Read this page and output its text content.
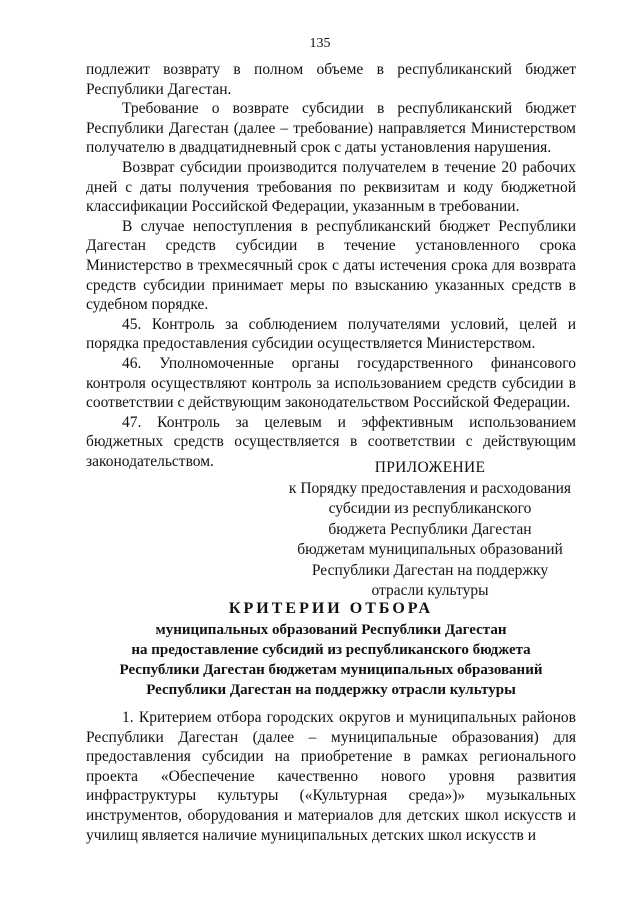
135

подлежит возврату в полном объеме в республиканский бюджет Республики Дагестан.

Требование о возврате субсидии в республиканский бюджет Республики Дагестан (далее – требование) направляется Министерством получателю в двадцатидневный срок с даты установления нарушения.

Возврат субсидии производится получателем в течение 20 рабочих дней с даты получения требования по реквизитам и коду бюджетной классификации Российской Федерации, указанным в требовании.

В случае непоступления в республиканский бюджет Республики Дагестан средств субсидии в течение установленного срока Министерство в трехмесячный срок с даты истечения срока для возврата средств субсидии принимает меры по взысканию указанных средств в судебном порядке.

45. Контроль за соблюдением получателями условий, целей и порядка предоставления субсидии осуществляется Министерством.

46. Уполномоченные органы государственного финансового контроля осуществляют контроль за использованием средств субсидии в соответствии с действующим законодательством Российской Федерации.

47. Контроль за целевым и эффективным использованием бюджетных средств осуществляется в соответствии с действующим законодательством.	ПРИЛОЖЕНИЕ
к Порядку предоставления и расходования
субсидии из республиканского
бюджета Республики Дагестан
бюджетам муниципальных образований
Республики Дагестан на поддержку
отрасли культуры
КРИТЕРИИ ОТБОРА
муниципальных образований Республики Дагестан
на предоставление субсидий из республиканского бюджета
Республики Дагестан бюджетам муниципальных образований
Республики Дагестан на поддержку отрасли культуры

1. Критерием отбора городских округов и муниципальных районов Республики Дагестан (далее – муниципальные образования) для предоставления субсидии на приобретение в рамках регионального проекта «Обеспечение качественно нового уровня развития инфраструктуры культуры («Культурная среда»)» музыкальных инструментов, оборудования и материалов для детских школ искусств и училищ является наличие муниципальных детских школ искусств и
